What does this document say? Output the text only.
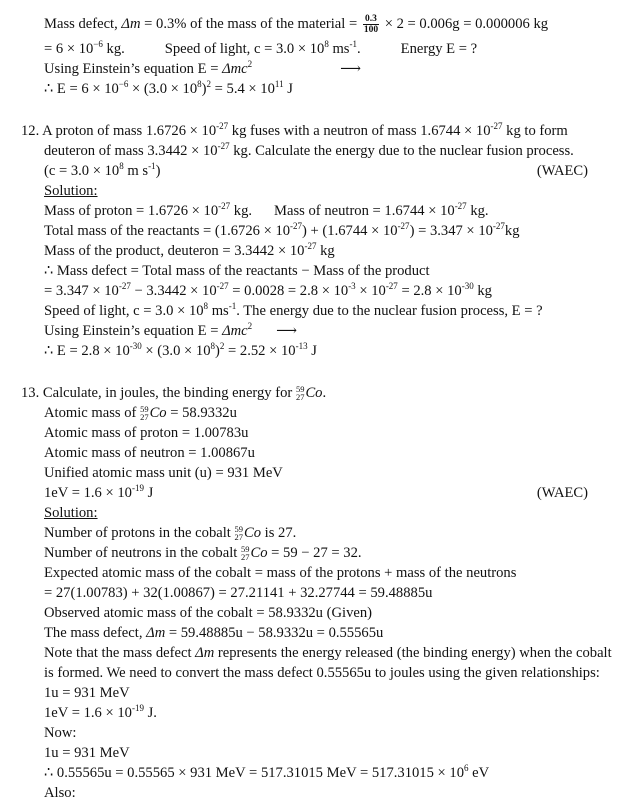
Mass defect, Δm = 0.3% of the mass of the material = $\frac{0.3}{100} \times 2 = 0.006g = 0.000006$ kg
= $6 \times 10^{-6}$ kg.	Speed of light, $c = 3.0 \times 10^8$ $ms^{-1}$.	Energy E = ?
Using Einstein’s equation E = Δmc$^2$	⟶
∴ $E = 6 \times 10^{-6} \times (3.0 \times 10^8)^2 = 5.4 \times 10^{11}$ J
12. A proton of mass $1.6726 \times 10^{-27}$ kg fuses with a neutron of mass $1.6744 \times 10^{-27}$ kg to form
deuteron of mass $3.3442 \times 10^{-27}$ kg. Calculate the energy due to the nuclear fusion process.
($c = 3.0 \times 10^8$ m $s^{-1}$)	(WAEC)
Solution:
Mass of proton = $1.6726 \times 10^{-27}$ kg. Mass of neutron = $1.6744 \times 10^{-27}$ kg.
Total mass of the reactants = $(1.6726 \times 10^{-27}) + (1.6744 \times 10^{-27}) = 3.347 \times 10^{-27}kg$
Mass of the product, deuteron = $3.3442 \times 10^{-27}$ kg
∴ Mass defect = Total mass of the reactants − Mass of the product
= $3.347 \times 10^{-27} - 3.3442 \times 10^{-27} = 0.0028 = 2.8 \times 10^{-3} \times 10^{-27} = 2.8 \times 10^{-30}$ kg
Speed of light, $c = 3.0 \times 10^8$ $ms^{-1}$. The energy due to the nuclear fusion process, E = ?
Using Einstein’s equation E = Δmc$^2$ ⟶
∴ $E = 2.8 \times 10^{-30} \times (3.0 \times 10^8)^2 = 2.52 \times 10^{-13}$ J
13. Calculate, in joules, the binding energy for 59
27 Co.
Atomic mass of 59
27 Co = 58.9332u
Atomic mass of proton = 1.00783u
Atomic mass of neutron = 1.00867u
Unified atomic mass unit (u) = 931 MeV
$1eV = 1.6 \times 10^{-19}$ J	(WAEC)
Solution:
Number of protons in the cobalt 59
27 Co is 27.
Number of neutrons in the cobalt 59
27 Co = 59 − 27 = 32.
Expected atomic mass of the cobalt = mass of the protons + mass of the neutrons
= 27(1.00783) + 32(1.00867) = 27.21141 + 32.27744 = 59.48885u
Observed atomic mass of the cobalt = 58.9332u (Given)
The mass defect, Δm = 59.48885u − 58.9332u = 0.55565u
Note that the mass defect Δm represents the energy released (the binding energy) when the cobalt
is formed. We need to convert the mass defect 0.55565u to joules using the given relationships:
1u = 931 MeV
$1eV = 1.6 \times 10^{-19}$ J.
Now:
1u = 931 MeV
∴ 0.55565u = 0.55565 × 931 MeV = 517.31015 MeV = $517.31015 \times 10^6$ eV
Also:
